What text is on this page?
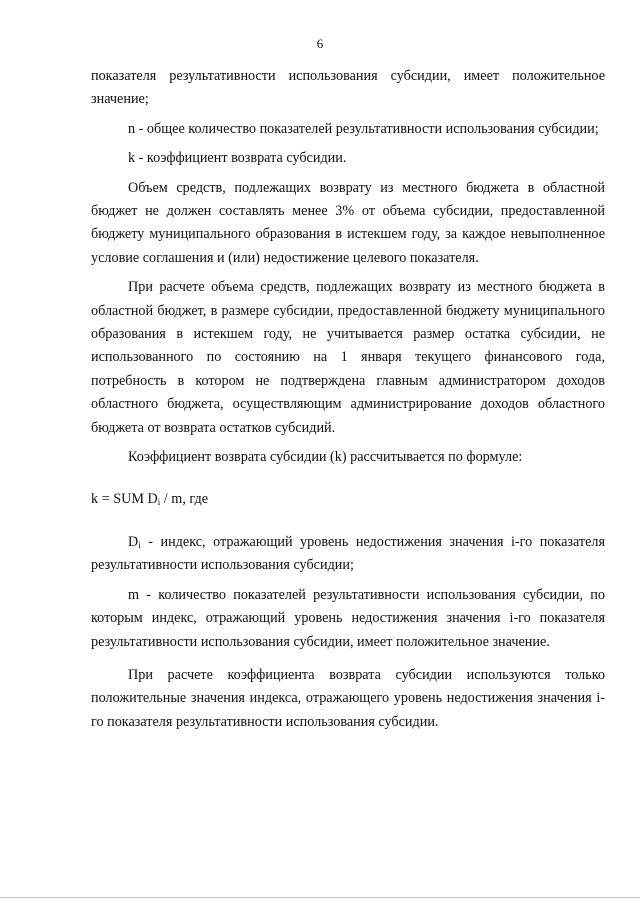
6

показателя результативности использования субсидии, имеет положительное значение;

n - общее количество показателей результативности использования субсидии;

k - коэффициент возврата субсидии.

Объем средств, подлежащих возврату из местного бюджета в областной бюджет не должен составлять менее 3% от объема субсидии, предоставленной бюджету муниципального образования в истекшем году, за каждое невыполненное условие соглашения и (или) недостижение целевого показателя.

При расчете объема средств, подлежащих возврату из местного бюджета в областной бюджет, в размере субсидии, предоставленной бюджету муниципального образования в истекшем году, не учитывается размер остатка субсидии, не использованного по состоянию на 1 января текущего финансового года, потребность в котором не подтверждена главным администратором доходов областного бюджета, осуществляющим администрирование доходов областного бюджета от возврата остатков субсидий.

Коэффициент возврата субсидии (k) рассчитывается по формуле:

k = SUM $D_i$ / m, где

$D_i$ - индекс, отражающий уровень недостижения значения i-го показателя результативности использования субсидии;

m - количество показателей результативности использования субсидии, по которым индекс, отражающий уровень недостижения значения i-го показателя результативности использования субсидии, имеет положительное значение.

При расчете коэффициента возврата субсидии используются только положительные значения индекса, отражающего уровень недостижения значения i-го показателя результативности использования субсидии.
